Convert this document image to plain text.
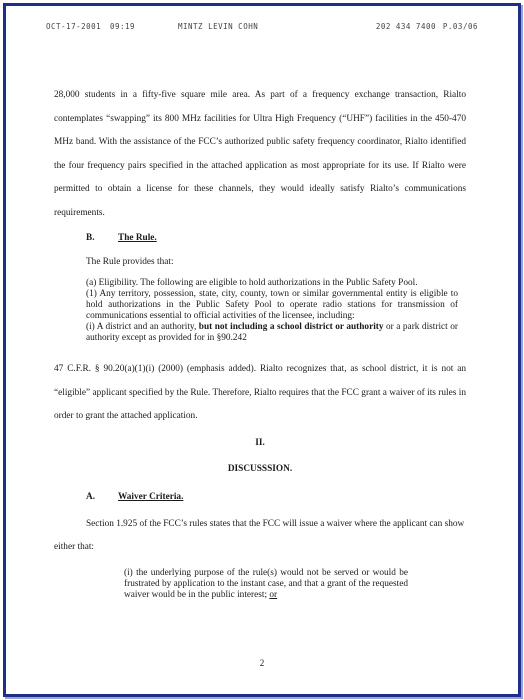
OCT-17-2001 09:19	MINTZ LEVIN COHN	202 434 7400 P.03/06

28,000 students in a fifty-five square mile area. As part of a frequency exchange transaction, Rialto contemplates “swapping” its 800 MHz facilities for Ultra High Frequency (“UHF”) facilities in the 450-470 MHz band. With the assistance of the FCC’s authorized public safety frequency coordinator, Rialto identified the four frequency pairs specified in the attached application as most appropriate for its use. If Rialto were permitted to obtain a license for these channels, they would ideally satisfy Rialto’s communications requirements.

B.	The Rule.

The Rule provides that:

(a) Eligibility. The following are eligible to hold authorizations in the Public Safety Pool.

(1) Any territory, possession, state, city, county, town or similar governmental entity is eligible to hold authorizations in the Public Safety Pool to operate radio stations for transmission of communications essential to official activities of the licensee, including:

(i) A district and an authority, but not including a school district or authority or a park district or authority except as provided for in §90.242

47 C.F.R. § 90.20(a)(1)(i) (2000) (emphasis added). Rialto recognizes that, as school district, it is not an “eligible” applicant specified by the Rule. Therefore, Rialto requires that the FCC grant a waiver of its rules in order to grant the attached application.

II.

DISCUSSSION.

A. Waiver Criteria.

Section 1.925 of the FCC’s rules states that the FCC will issue a waiver where the applicant can show either that:

(i) the underlying purpose of the rule(s) would not be served or would be frustrated by application to the instant case, and that a grant of the requested waiver would be in the public interest; or
2
